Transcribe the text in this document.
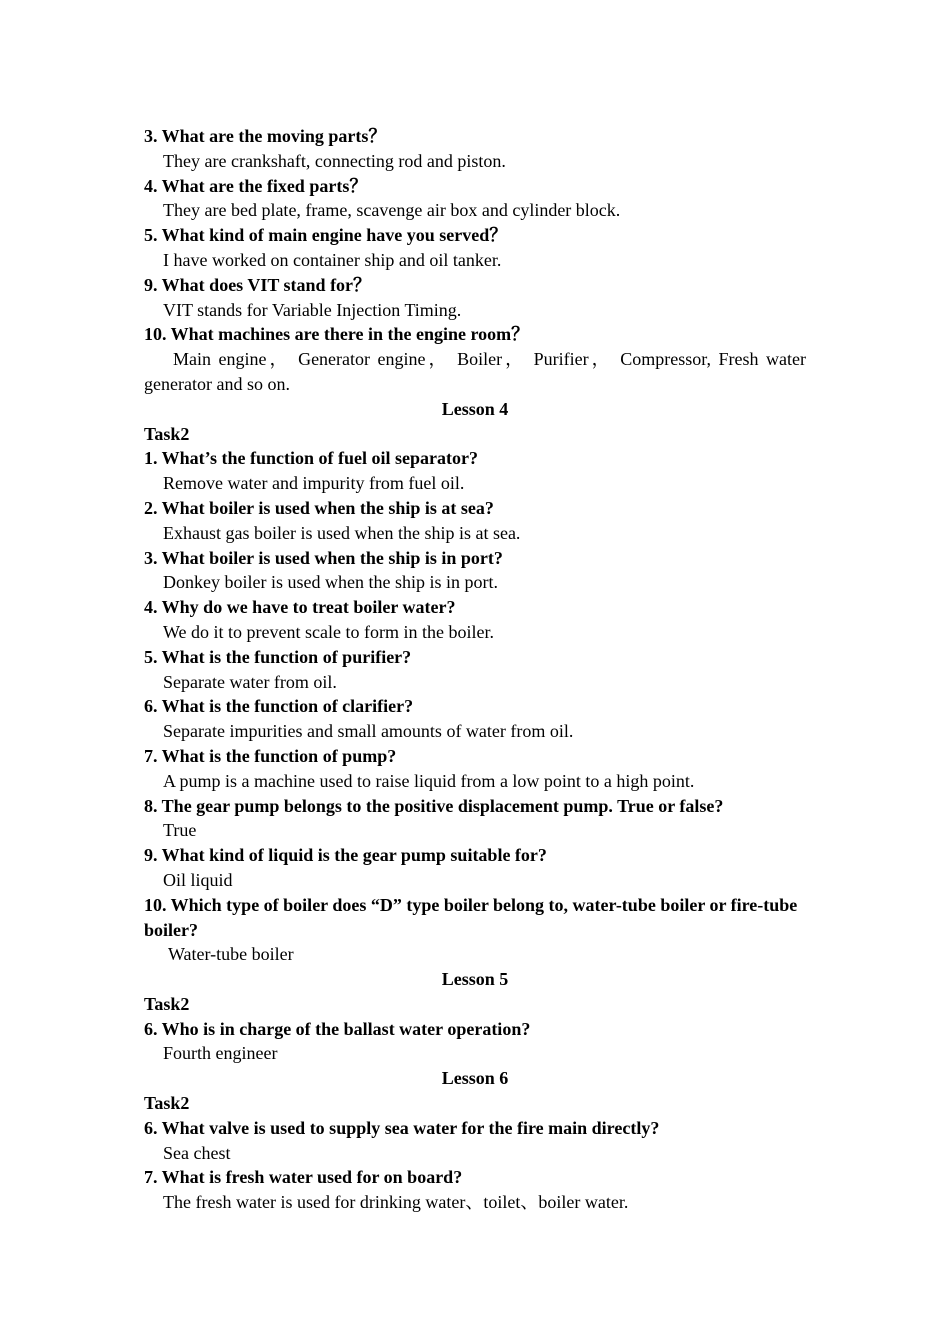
3. What are the moving parts？

They are crankshaft, connecting rod and piston.

4. What are the fixed parts？

They are bed plate, frame, scavenge air box and cylinder block.

5. What kind of main engine have you served？

I have worked on container ship and oil tanker.

9. What does VIT stand for？

VIT stands for Variable Injection Timing.

10. What machines are there in the engine room？

Main engine， Generator engine， Boiler， Purifier， Compressor, Fresh water generator and so on.

Lesson 4

Task2

1. What’s the function of fuel oil separator?

Remove water and impurity from fuel oil.

2. What boiler is used when the ship is at sea?

Exhaust gas boiler is used when the ship is at sea.

3. What boiler is used when the ship is in port?

Donkey boiler is used when the ship is in port.

4. Why do we have to treat boiler water?

We do it to prevent scale to form in the boiler.

5. What is the function of purifier?

Separate water from oil.

6. What is the function of clarifier?

Separate impurities and small amounts of water from oil.

7. What is the function of pump?

A pump is a machine used to raise liquid from a low point to a high point.

8. The gear pump belongs to the positive displacement pump. True or false?

True

9. What kind of liquid is the gear pump suitable for?

Oil liquid

10. Which type of boiler does “D” type boiler belong to, water-tube boiler or fire-tube boiler?

Water-tube boiler

Lesson 5

Task2

6. Who is in charge of the ballast water operation?

Fourth engineer

Lesson 6

Task2

6. What valve is used to supply sea water for the fire main directly?

Sea chest

7. What is fresh water used for on board?

The fresh water is used for drinking water、toilet、boiler water.
